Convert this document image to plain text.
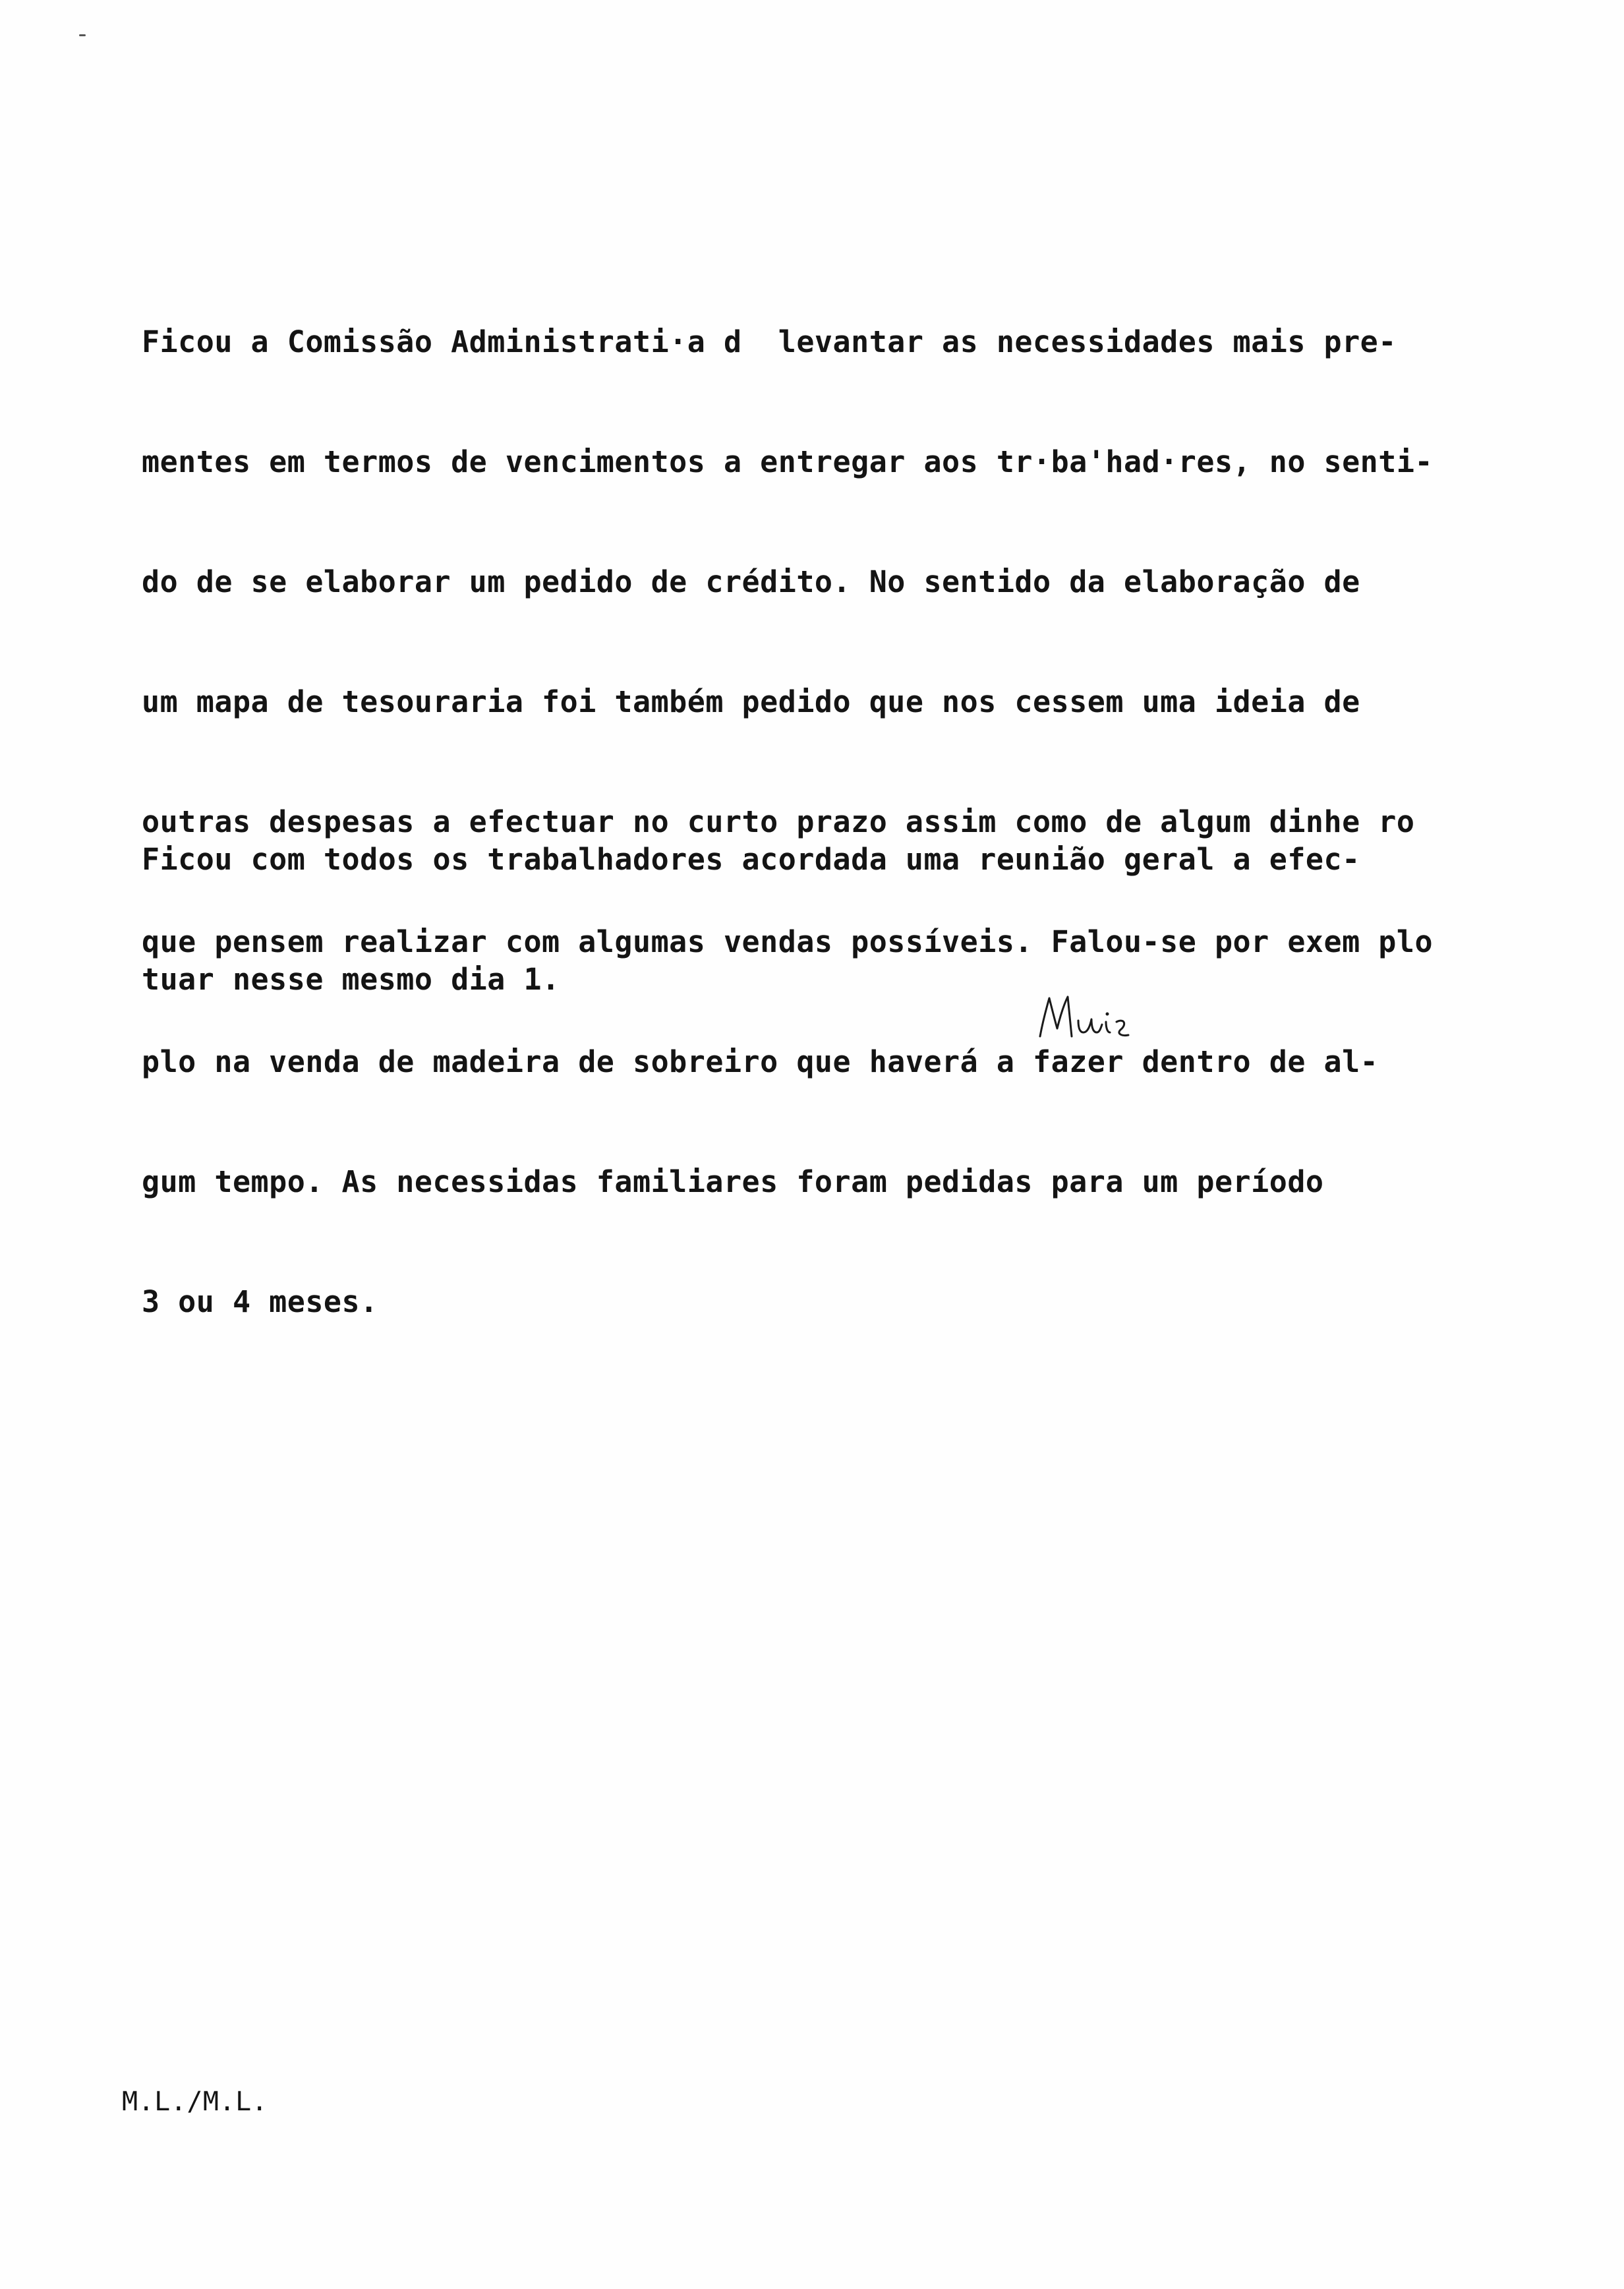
Ficou a Comissão Administrati·a d  levantar as necessidades mais pre-

mentes em termos de vencimentos a entregar aos tr·ba'had·res, no senti-

do de se elaborar um pedido de crédito. No sentido da elaboração de

um mapa de tesouraria foi também pedido que nos cessem uma ideia de

outras despesas a efectuar no curto prazo assim como de algum dinhe ro

que pensem realizar com algumas vendas possíveis. Falou-se por exem plo

plo na venda de madeira de sobreiro que haverá a fazer dentro de al-

gum tempo. As necessidas familiares foram pedidas para um período

3 ou 4 meses.

Ficou com todos os trabalhadores acordada uma reunião geral a efec-

tuar nesse mesmo dia 1.

M.L./M.L.
